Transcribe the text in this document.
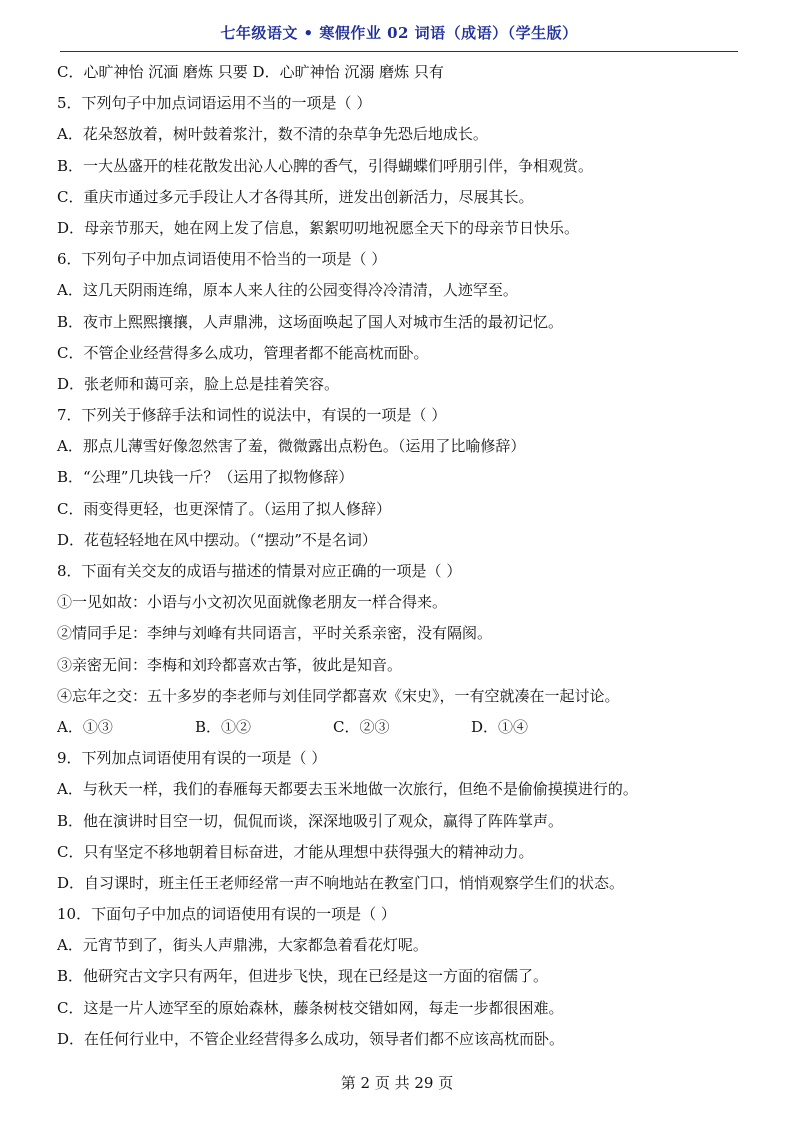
七年级语文 • 寒假作业 02 词语（成语）（学生版）
C．心旷神怡 沉湎 磨炼 只要 D．心旷神怡 沉溺 磨炼 只有
5．下列句子中加点词语运用不当的一项是（ ）
A．花朵怒放着，树叶鼓着浆汁，数不清的杂草争先恐后地成长。
B．一大丛盛开的桂花散发出沁人心脾的香气，引得蝴蝶们呼朋引伴，争相观赏。
C．重庆市通过多元手段让人才各得其所，迸发出创新活力，尽展其长。
D．母亲节那天，她在网上发了信息，絮絮叨叨地祝愿全天下的母亲节日快乐。
6．下列句子中加点词语使用不恰当的一项是（ ）
A．这几天阴雨连绵，原本人来人往的公园变得冷冷清清，人迹罕至。
B．夜市上熙熙攘攘，人声鼎沸，这场面唤起了国人对城市生活的最初记忆。
C．不管企业经营得多么成功，管理者都不能高枕而卧。
D．张老师和蔼可亲，脸上总是挂着笑容。
7．下列关于修辞手法和词性的说法中，有误的一项是（ ）
A．那点儿薄雪好像忽然害了羞，微微露出点粉色。（运用了比喻修辞）
B．“公理”几块钱一斤？（运用了拟物修辞）
C．雨变得更轻，也更深情了。（运用了拟人修辞）
D．花苞轻轻地在风中摆动。（“摆动”不是名词）
8．下面有关交友的成语与描述的情景对应正确的一项是（ ）
①一见如故：小语与小文初次见面就像老朋友一样合得来。
②情同手足：李绅与刘峰有共同语言，平时关系亲密，没有隔阂。
③亲密无间：李梅和刘玲都喜欢古筝，彼此是知音。
④忘年之交：五十多岁的李老师与刘佳同学都喜欢《宋史》，一有空就凑在一起讨论。
A．①③	B．①②	C．②③	D．①④
9．下列加点词语使用有误的一项是（ ）
A．与秋天一样，我们的春雁每天都要去玉米地做一次旅行，但绝不是偷偷摸摸进行的。
B．他在演讲时目空一切，侃侃而谈，深深地吸引了观众，赢得了阵阵掌声。
C．只有坚定不移地朝着目标奋进，才能从理想中获得强大的精神动力。
D．自习课时，班主任王老师经常一声不响地站在教室门口，悄悄观察学生们的状态。
10．下面句子中加点的词语使用有误的一项是（ ）
A．元宵节到了，街头人声鼎沸，大家都急着看花灯呢。
B．他研究古文字只有两年，但进步飞快，现在已经是这一方面的宿儒了。
C．这是一片人迹罕至的原始森林，藤条树枝交错如网，每走一步都很困难。
D．在任何行业中，不管企业经营得多么成功，领导者们都不应该高枕而卧。
第 2 页 共 29 页
